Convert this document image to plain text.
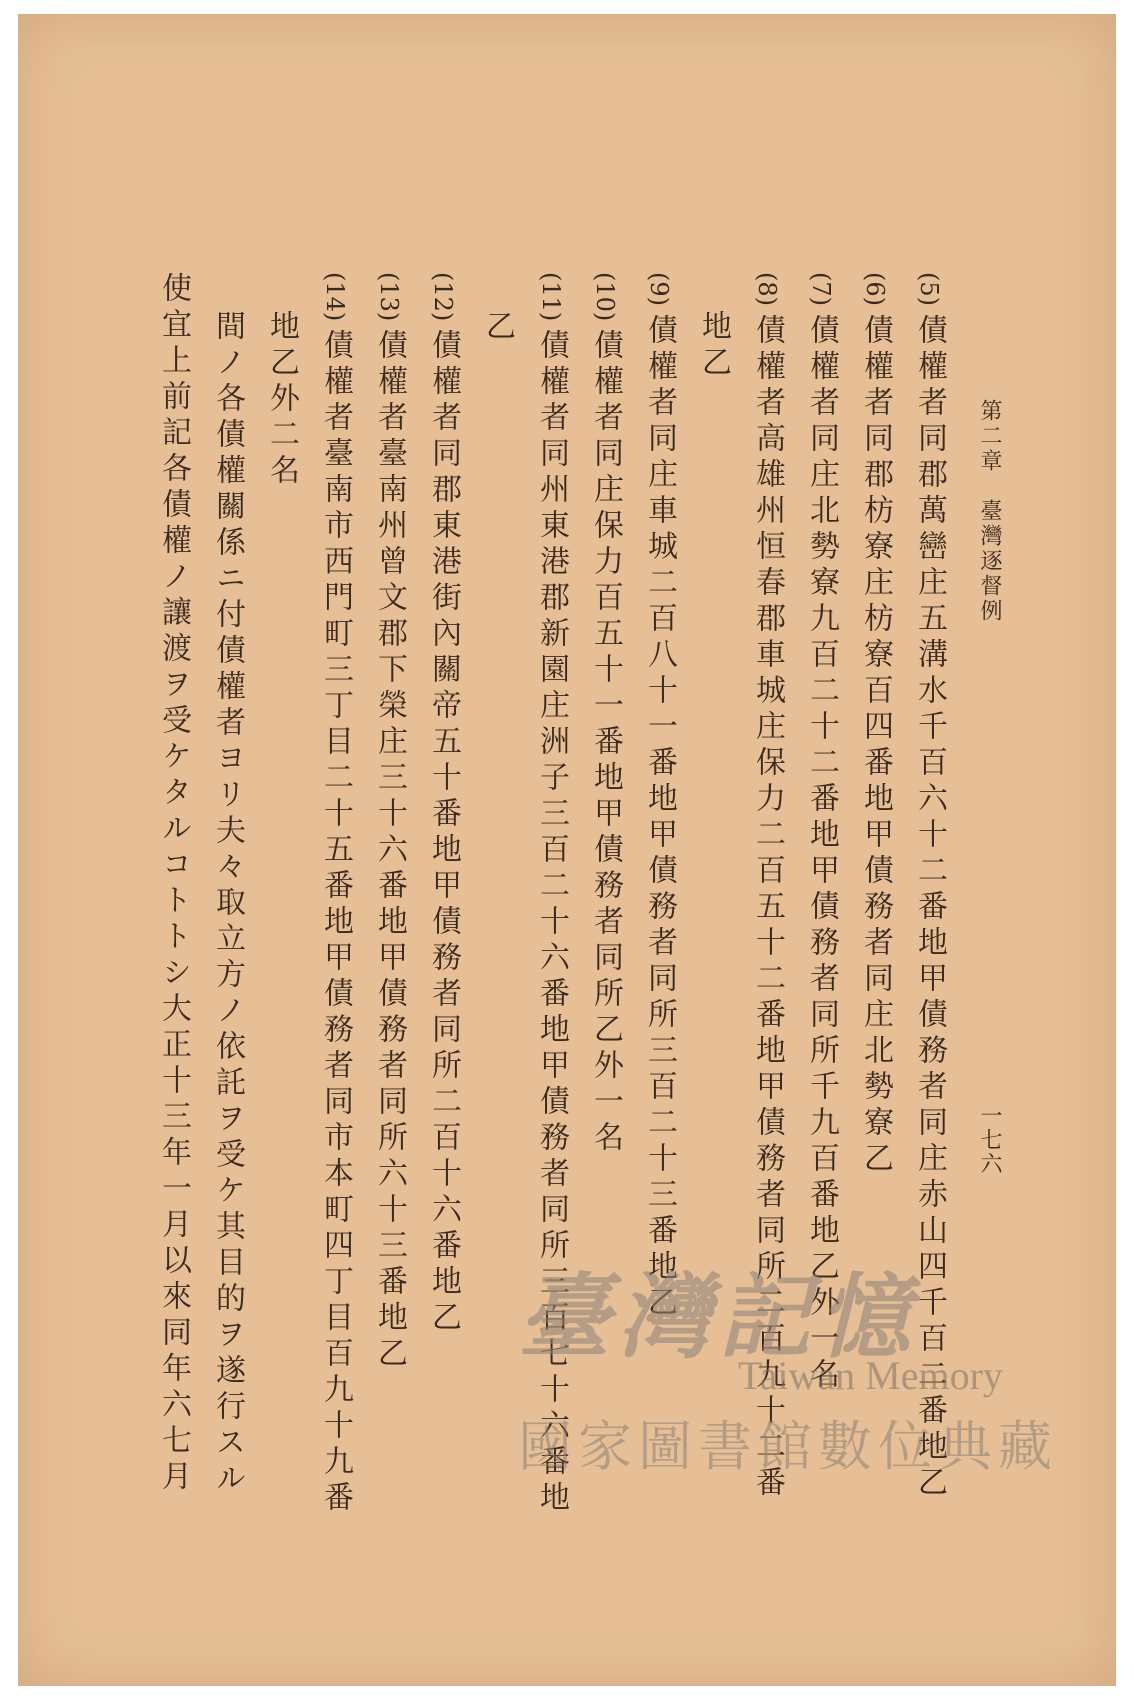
第二章　臺灣逐督例
一七六
(5)債權者同郡萬巒庄五溝水千百六十二番地甲債務者同庄赤山四千百二番地乙
(6)債權者同郡枋寮庄枋寮百四番地甲債務者同庄北勢寮乙
(7)債權者同庄北勢寮九百二十二番地甲債務者同所千九百番地乙外一名
(8)債權者高雄州恒春郡車城庄保力二百五十二番地甲債務者同所二百九十二番
地乙
(9)債權者同庄車城二百八十一番地甲債務者同所三百二十三番地乙
(10)債權者同庄保力百五十一番地甲債務者同所乙外一名
(11)債權者同州東港郡新園庄洲子三百二十六番地甲債務者同所三百七十六番地
乙
(12)債權者同郡東港街內關帝五十番地甲債務者同所二百十六番地乙
(13)債權者臺南州曾文郡下榮庄三十六番地甲債務者同所六十三番地乙
(14)債權者臺南市西門町三丁目二十五番地甲債務者同市本町四丁目百九十九番
地乙外二名
間ノ各債權關係ニ付債權者ヨリ夫々取立方ノ依託ヲ受ケ其目的ヲ遂行スル
使宜上前記各債權ノ讓渡ヲ受ケタルコトトシ大正十三年一月以來同年六七月	臺灣記憶
Taiwan Memory
國家圖書館數位典藏
